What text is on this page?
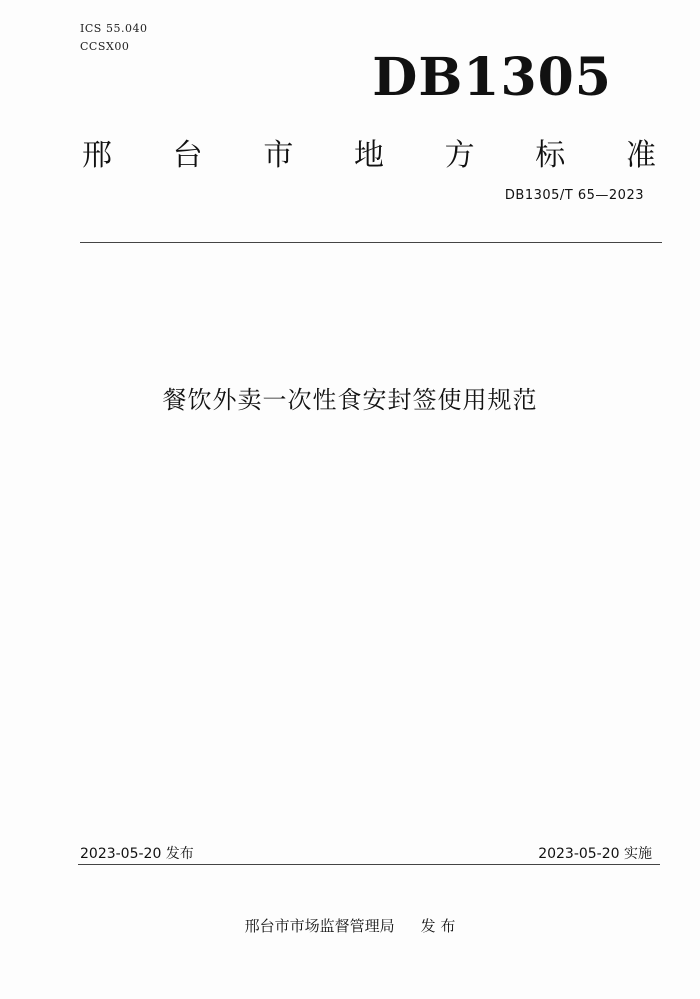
ICS 55.040
CCS X00
DB1305
邢 台 市 地 方 标 准
DB1305/T 65—2023
餐饮外卖一次性食安封签使用规范
2023-05-20 发布	2023-05-20 实施
邢台市市场监督管理局 发 布
